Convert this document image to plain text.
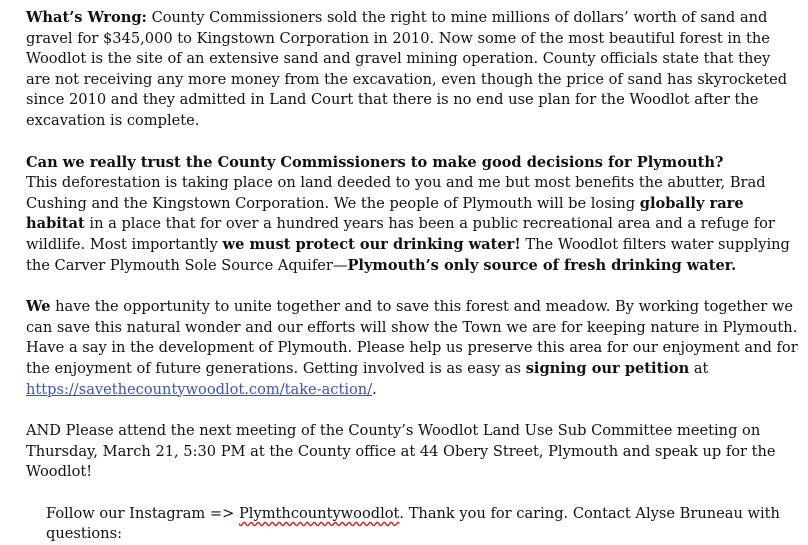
What’s Wrong: County Commissioners sold the right to mine millions of dollars’ worth of sand and gravel for $345,000 to Kingstown Corporation in 2010. Now some of the most beautiful forest in the Woodlot is the site of an extensive sand and gravel mining operation. County officials state that they are not receiving any more money from the excavation, even though the price of sand has skyrocketed since 2010 and they admitted in Land Court that there is no end use plan for the Woodlot after the excavation is complete.

Can we really trust the County Commissioners to make good decisions for Plymouth?

This deforestation is taking place on land deeded to you and me but most benefits the abutter, Brad Cushing and the Kingstown Corporation. We the people of Plymouth will be losing globally rare habitat in a place that for over a hundred years has been a public recreational area and a refuge for wildlife. Most importantly we must protect our drinking water! The Woodlot filters water supplying the Carver Plymouth Sole Source Aquifer—Plymouth’s only source of fresh drinking water.

We have the opportunity to unite together and to save this forest and meadow. By working together we can save this natural wonder and our efforts will show the Town we are for keeping nature in Plymouth. Have a say in the development of Plymouth. Please help us preserve this area for our enjoyment and for the enjoyment of future generations. Getting involved is as easy as signing our petition at https://savethecountywoodlot.com/take-action/.

AND Please attend the next meeting of the County’s Woodlot Land Use Sub Committee meeting on Thursday, March 21, 5:30 PM at the County office at 44 Obery Street, Plymouth and speak up for the Woodlot!

Follow our Instagram => Plymthcountywoodlot. Thank you for caring. Contact Alyse Bruneau with questions:
